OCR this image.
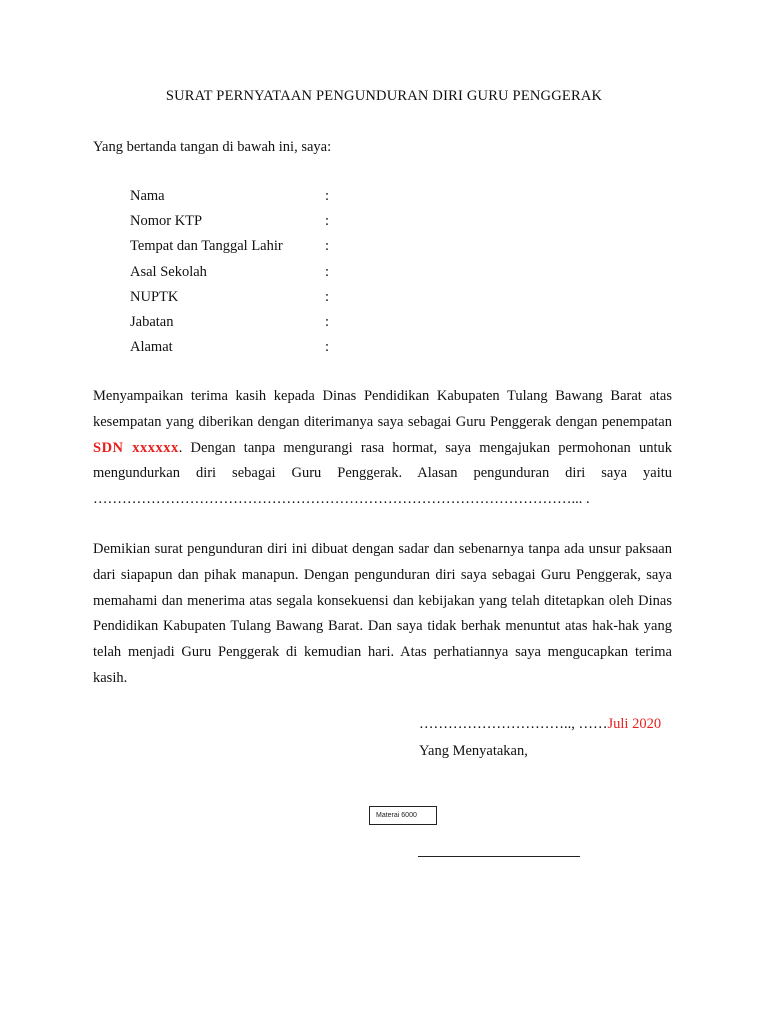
SURAT PERNYATAAN PENGUNDURAN DIRI GURU PENGGERAK
Yang bertanda tangan di bawah ini, saya:
Nama	:
Nomor KTP	:
Tempat dan Tanggal Lahir	:
Asal Sekolah	:
NUPTK	:
Jabatan	:
Alamat	:

Menyampaikan terima kasih kepada Dinas Pendidikan Kabupaten Tulang Bawang Barat atas kesempatan yang diberikan dengan diterimanya saya sebagai Guru Penggerak dengan penempatan SDN xxxxxx. Dengan tanpa mengurangi rasa hormat, saya mengajukan permohonan untuk mengundurkan diri sebagai Guru Penggerak. Alasan pengunduran diri saya yaitu ………………………………………………………………………………………... .

Demikian surat pengunduran diri ini dibuat dengan sadar dan sebenarnya tanpa ada unsur paksaan dari siapapun dan pihak manapun. Dengan pengunduran diri saya sebagai Guru Penggerak, saya memahami dan menerima atas segala konsekuensi dan kebijakan yang telah ditetapkan oleh Dinas Pendidikan Kabupaten Tulang Bawang Barat. Dan saya tidak berhak menuntut atas hak-hak yang telah menjadi Guru Penggerak di kemudian hari. Atas perhatiannya saya mengucapkan terima kasih.

………………………….., ……Juli 2020
Yang Menyatakan,
Materai 6000
